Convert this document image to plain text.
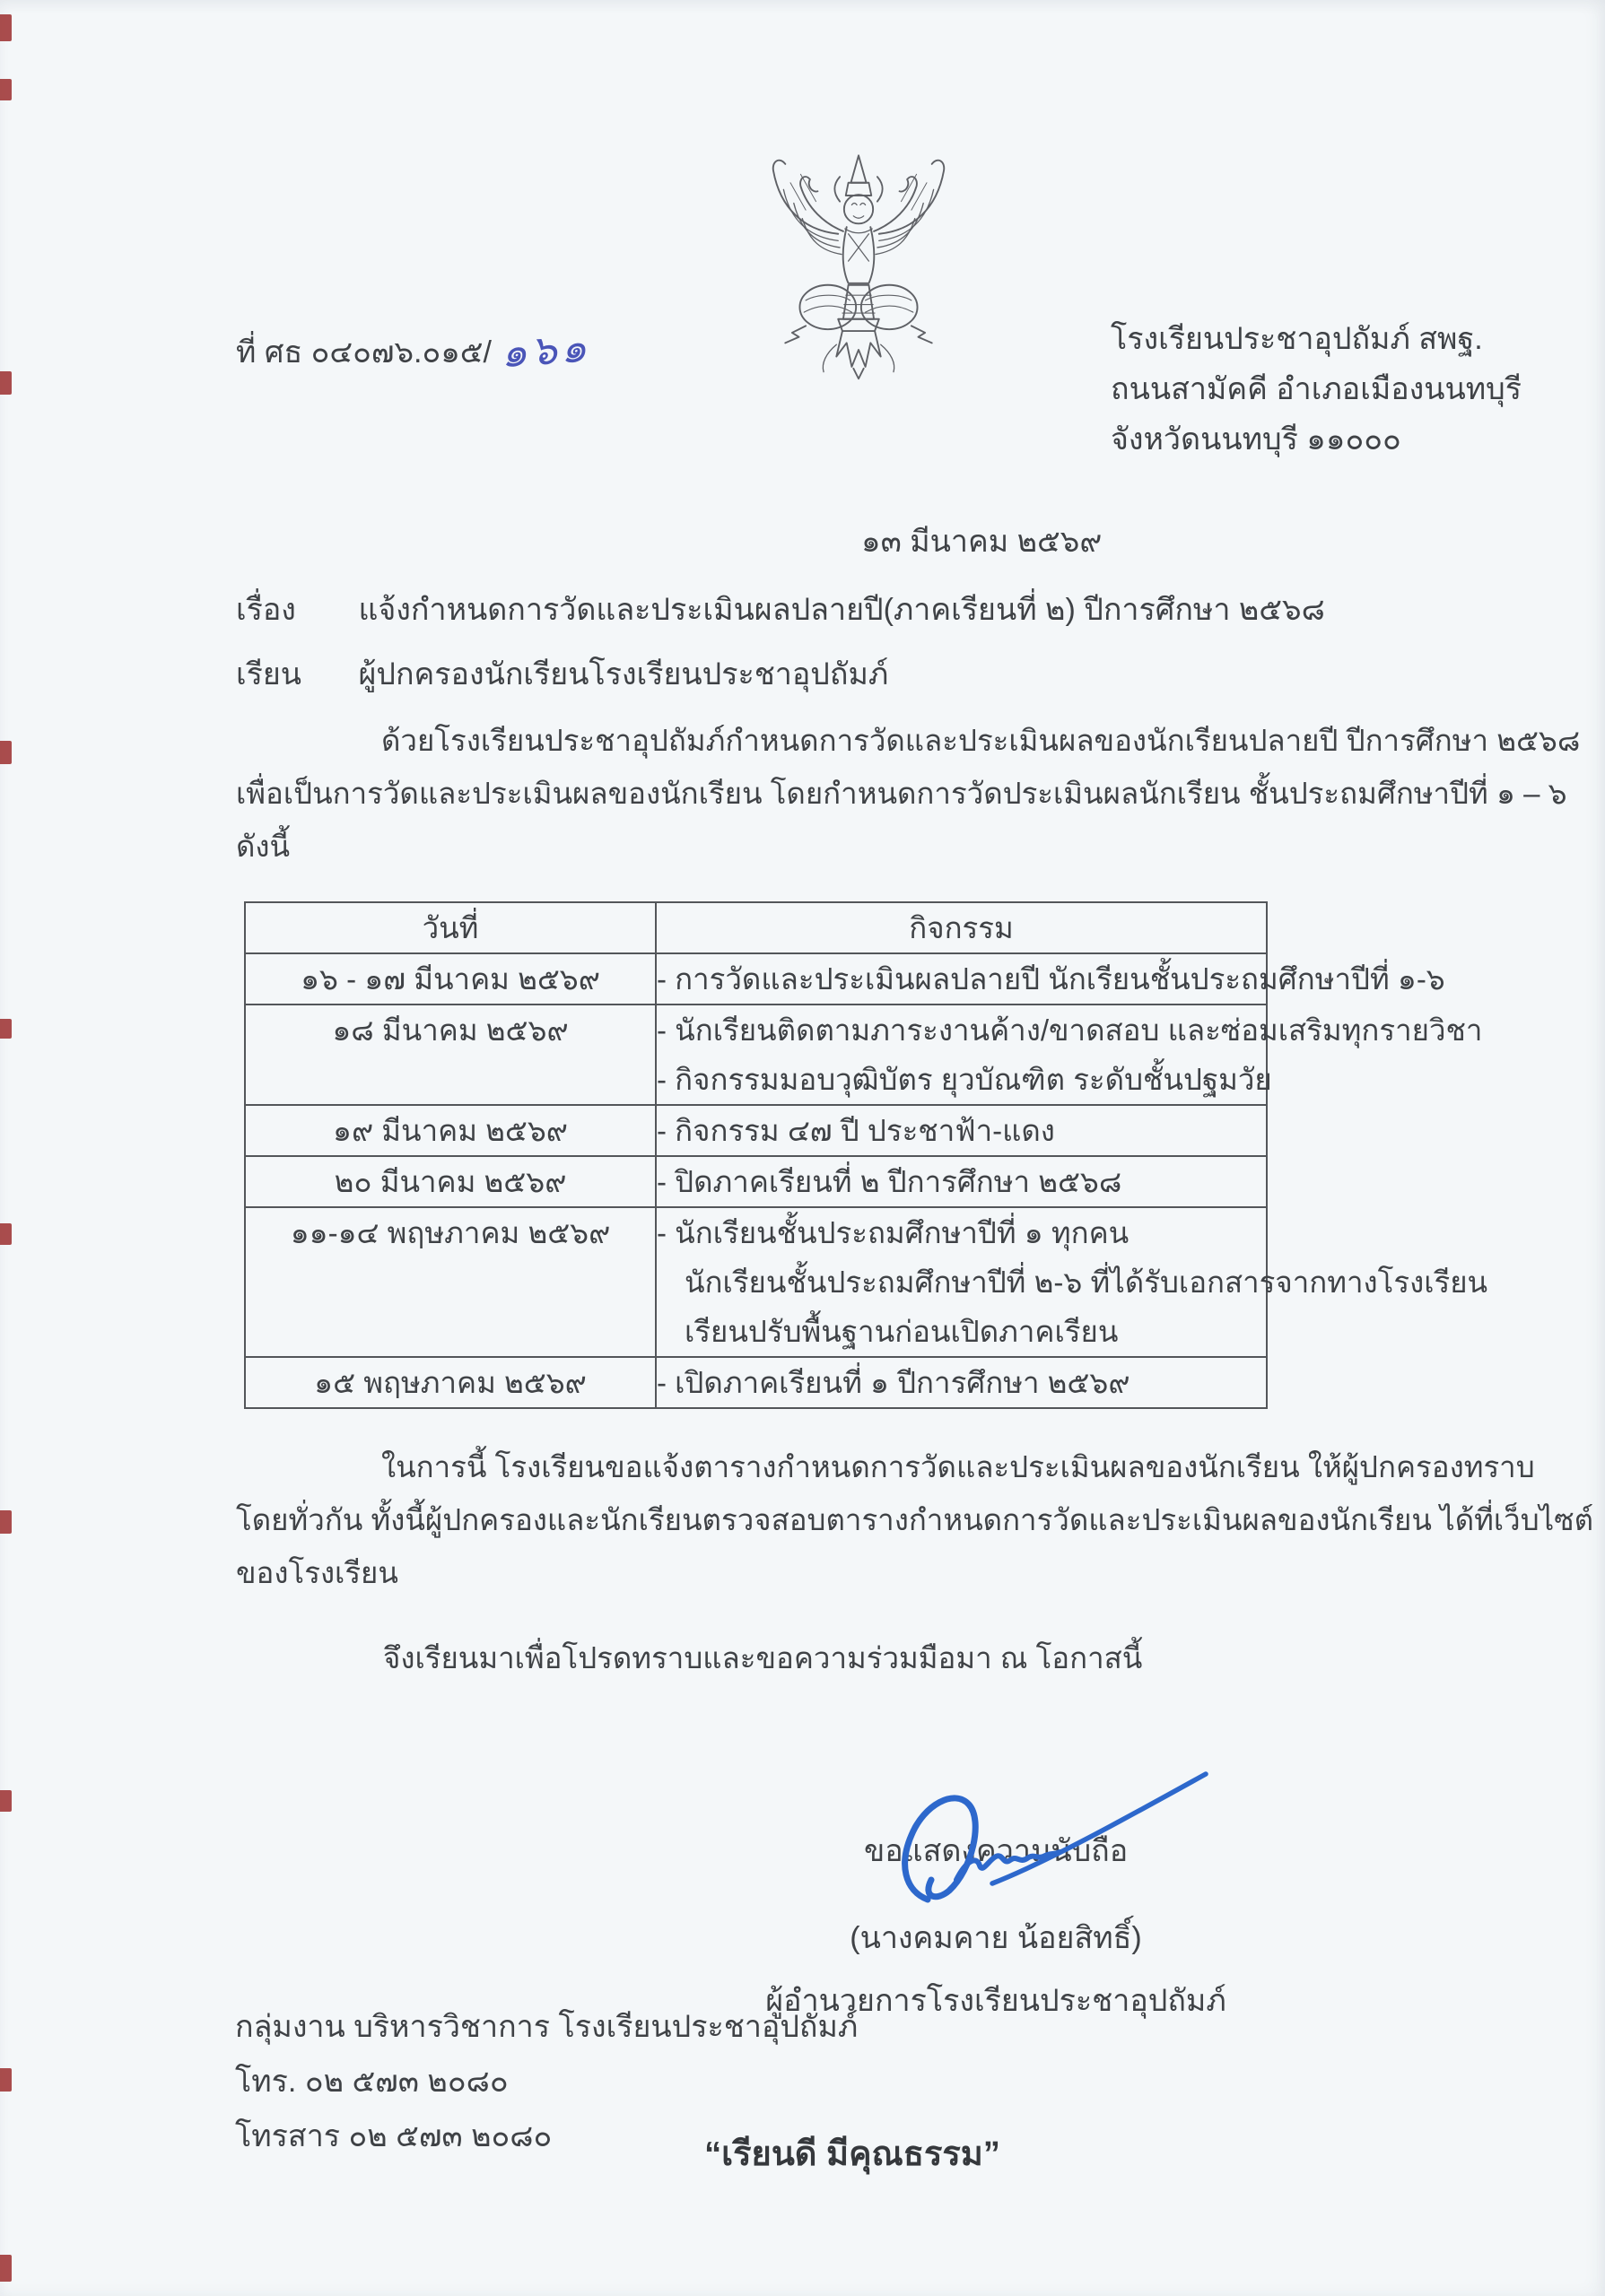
ที่ ศธ ๐๔๐๗๖.๐๑๕/ ๑๖๑	โรงเรียนประชาอุปถัมภ์ สพฐ.
ถนนสามัคคี อำเภอเมืองนนทบุรี
จังหวัดนนทบุรี ๑๑๐๐๐
๑๓ มีนาคม ๒๕๖๙
เรื่อง แจ้งกำหนดการวัดและประเมินผลปลายปี(ภาคเรียนที่ ๒) ปีการศึกษา ๒๕๖๘
เรียน ผู้ปกครองนักเรียนโรงเรียนประชาอุปถัมภ์
ด้วยโรงเรียนประชาอุปถัมภ์กำหนดการวัดและประเมินผลของนักเรียนปลายปี ปีการศึกษา ๒๕๖๘
เพื่อเป็นการวัดและประเมินผลของนักเรียน โดยกำหนดการวัดประเมินผลนักเรียน ชั้นประถมศึกษาปีที่ ๑ – ๖
ดังนี้
วันที่	กิจกรรม
๑๖ - ๑๗ มีนาคม ๒๕๖๙	- การวัดและประเมินผลปลายปี นักเรียนชั้นประถมศึกษาปีที่ ๑-๖

๑๘ มีนาคม ๒๕๖๙	- นักเรียนติดตามภาระงานค้าง/ขาดสอบ และซ่อมเสริมทุกรายวิชา
- กิจกรรมมอบวุฒิบัตร ยุวบัณฑิต ระดับชั้นปฐมวัย

๑๙ มีนาคม ๒๕๖๙	- กิจกรรม ๔๗ ปี ประชาฟ้า-แดง

๒๐ มีนาคม ๒๕๖๙	- ปิดภาคเรียนที่ ๒ ปีการศึกษา ๒๕๖๘

๑๑-๑๔ พฤษภาคม ๒๕๖๙	- นักเรียนชั้นประถมศึกษาปีที่ ๑ ทุกคน
นักเรียนชั้นประถมศึกษาปีที่ ๒-๖ ที่ได้รับเอกสารจากทางโรงเรียน
เรียนปรับพื้นฐานก่อนเปิดภาคเรียน

๑๕ พฤษภาคม ๒๕๖๙	- เปิดภาคเรียนที่ ๑ ปีการศึกษา ๒๕๖๙
ในการนี้ โรงเรียนขอแจ้งตารางกำหนดการวัดและประเมินผลของนักเรียน ให้ผู้ปกครองทราบ
โดยทั่วกัน ทั้งนี้ผู้ปกครองและนักเรียนตรวจสอบตารางกำหนดการวัดและประเมินผลของนักเรียน ได้ที่เว็บไซต์
ของโรงเรียน
จึงเรียนมาเพื่อโปรดทราบและขอความร่วมมือมา ณ โอกาสนี้
ขอแสดงความนับถือ
(นางคมคาย น้อยสิทธิ์)
ผู้อำนวยการโรงเรียนประชาอุปถัมภ์
กลุ่มงาน บริหารวิชาการ โรงเรียนประชาอุปถัมภ์
โทร. ๐๒ ๕๗๓ ๒๐๘๐
โทรสาร ๐๒ ๕๗๓ ๒๐๘๐	“เรียนดี มีคุณธรรม”
